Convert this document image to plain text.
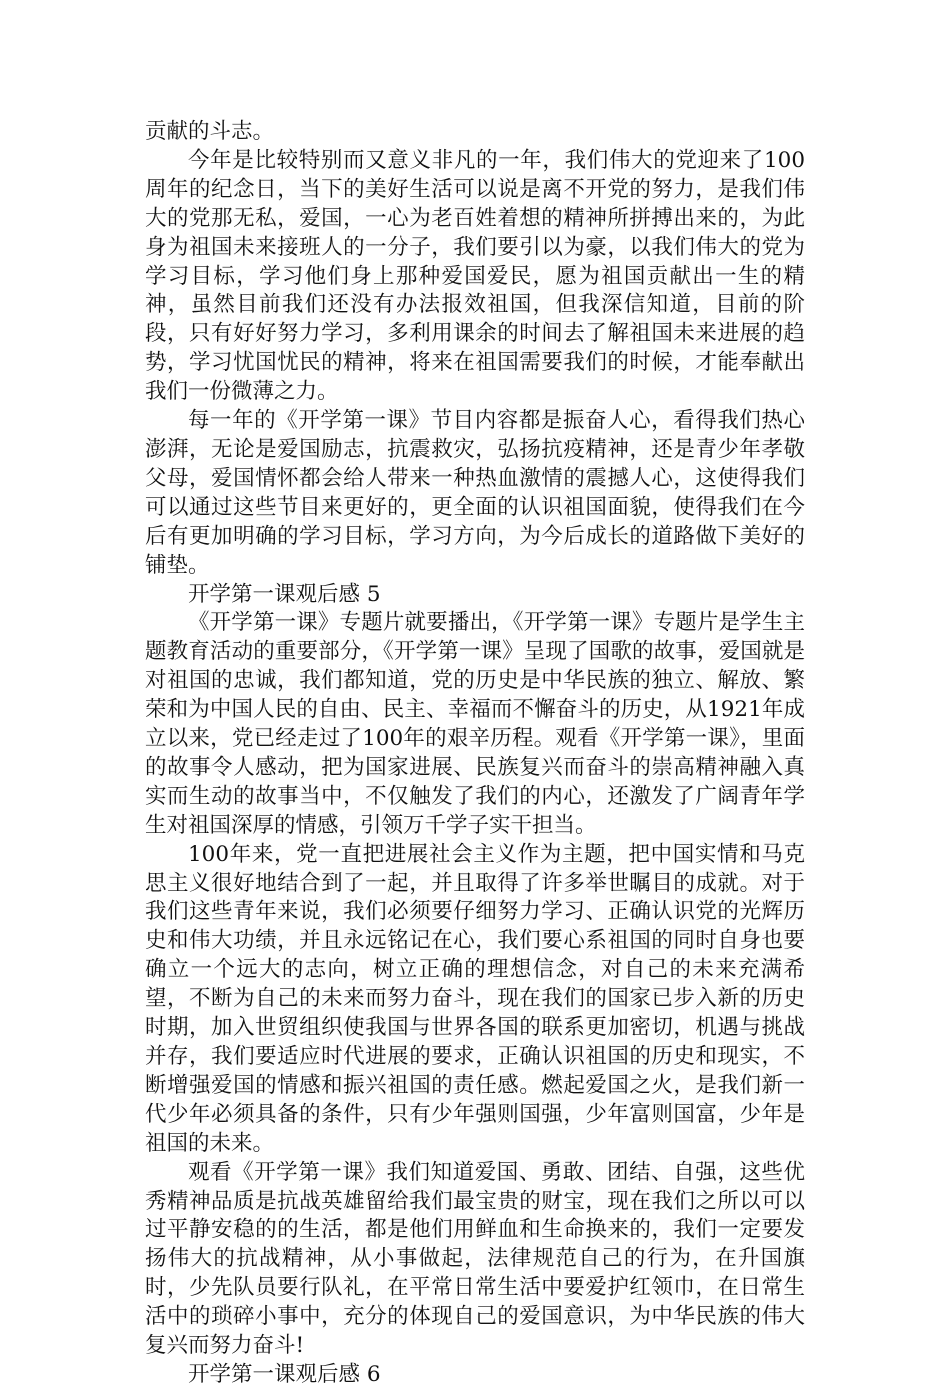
贡献的斗志。

今年是比较特别而又意义非凡的一年，我们伟大的党迎来了100周年的纪念日，当下的美好生活可以说是离不开党的努力，是我们伟大的党那无私，爱国，一心为老百姓着想的精神所拼搏出来的，为此身为祖国未来接班人的一分子，我们要引以为豪，以我们伟大的党为学习目标，学习他们身上那种爱国爱民，愿为祖国贡献出一生的精神，虽然目前我们还没有办法报效祖国，但我深信知道，目前的阶段，只有好好努力学习，多利用课余的时间去了解祖国未来进展的趋势，学习忧国忧民的精神，将来在祖国需要我们的时候，才能奉献出我们一份微薄之力。

每一年的《开学第一课》节目内容都是振奋人心，看得我们热心澎湃，无论是爱国励志，抗震救灾，弘扬抗疫精神，还是青少年孝敬父母，爱国情怀都会给人带来一种热血激情的震撼人心，这使得我们可以通过这些节目来更好的，更全面的认识祖国面貌，使得我们在今后有更加明确的学习目标，学习方向，为今后成长的道路做下美好的铺垫。

开学第一课观后感 5

《开学第一课》专题片就要播出，《开学第一课》专题片是学生主题教育活动的重要部分，《开学第一课》呈现了国歌的故事，爱国就是对祖国的忠诚，我们都知道，党的历史是中华民族的独立、解放、繁荣和为中国人民的自由、民主、幸福而不懈奋斗的历史，从1921年成立以来，党已经走过了100年的艰辛历程。观看《开学第一课》，里面的故事令人感动，把为国家进展、民族复兴而奋斗的崇高精神融入真实而生动的故事当中，不仅触发了我们的内心，还激发了广阔青年学生对祖国深厚的情感，引领万千学子实干担当。

100年来，党一直把进展社会主义作为主题，把中国实情和马克思主义很好地结合到了一起，并且取得了许多举世瞩目的成就。对于我们这些青年来说，我们必须要仔细努力学习、正确认识党的光辉历史和伟大功绩，并且永远铭记在心，我们要心系祖国的同时自身也要确立一个远大的志向，树立正确的理想信念，对自己的未来充满希望，不断为自己的未来而努力奋斗，现在我们的国家已步入新的历史时期，加入世贸组织使我国与世界各国的联系更加密切，机遇与挑战并存，我们要适应时代进展的要求，正确认识祖国的历史和现实，不断增强爱国的情感和振兴祖国的责任感。燃起爱国之火，是我们新一代少年必须具备的条件，只有少年强则国强，少年富则国富，少年是祖国的未来。

观看《开学第一课》我们知道爱国、勇敢、团结、自强，这些优秀精神品质是抗战英雄留给我们最宝贵的财宝，现在我们之所以可以过平静安稳的的生活，都是他们用鲜血和生命换来的，我们一定要发扬伟大的抗战精神，从小事做起，法律规范自己的行为，在升国旗时，少先队员要行队礼，在平常日常生活中要爱护红领巾，在日常生活中的琐碎小事中，充分的体现自己的爱国意识，为中华民族的伟大复兴而努力奋斗!

开学第一课观后感 6
